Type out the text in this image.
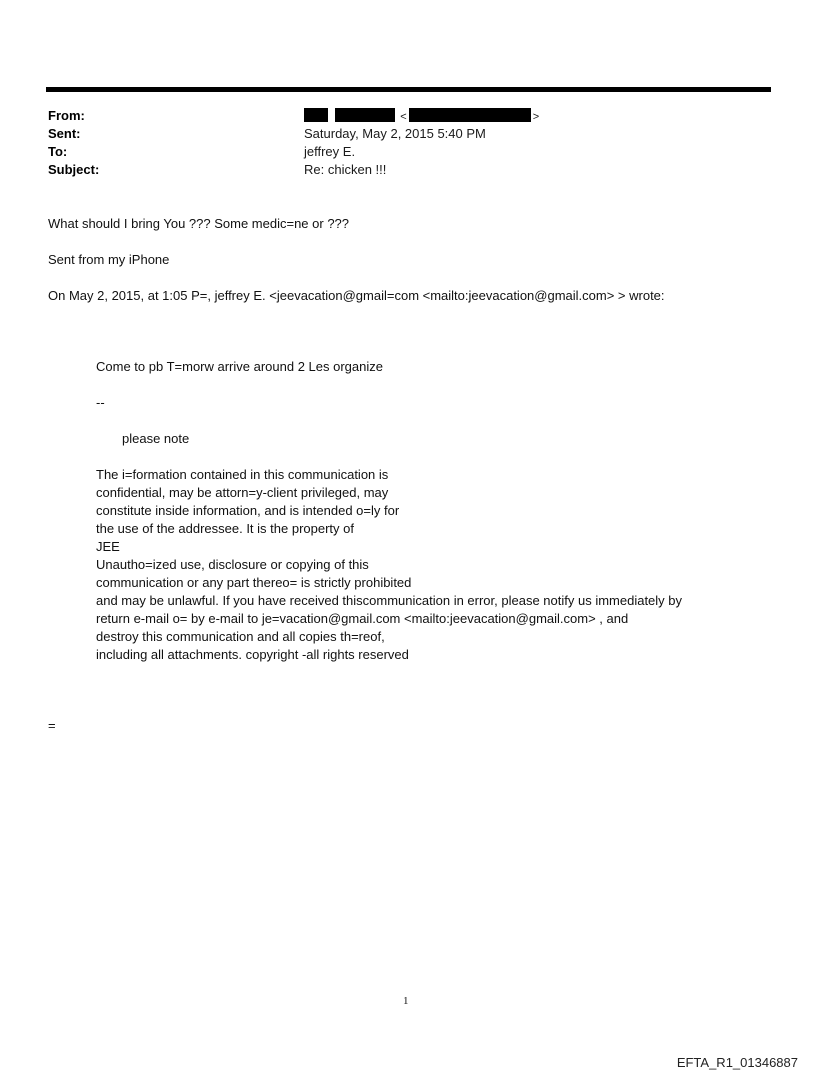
From:	<	>
Sent:	Saturday, May 2, 2015 5:40 PM
To:	jeffrey E.
Subject:	Re: chicken !!!
What should I bring You ??? Some medic=ne or ???
Sent from my iPhone
On May 2, 2015, at 1:05 P=, jeffrey E. <jeevacation@gmail=com <mailto:jeevacation@gmail.com> > wrote:
Come to pb T=morw arrive around 2 Les organize
--
please note
The i=formation contained in this communication is
confidential, may be attorn=y-client privileged, may
constitute inside information, and is intended o=ly for
the use of the addressee. It is the property of
JEE
Unautho=ized use, disclosure or copying of this
communication or any part thereo= is strictly prohibited
and may be unlawful. If you have received thiscommunication in error, please notify us immediately by
return e-mail o= by e-mail to je=vacation@gmail.com <mailto:jeevacation@gmail.com> , and
destroy this communication and all copies th=reof,
including all attachments. copyright -all rights reserved
=
1
EFTA_R1_01346887
